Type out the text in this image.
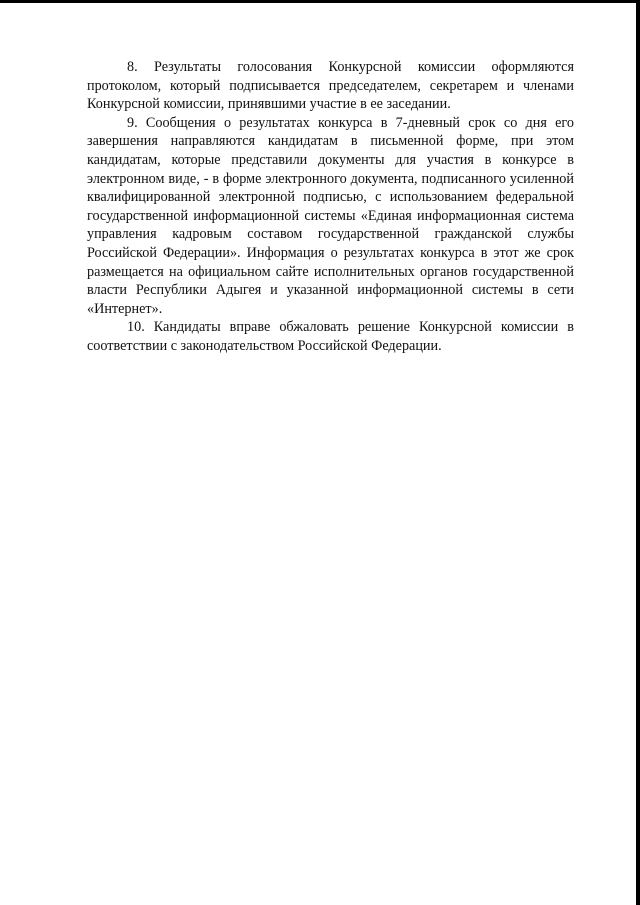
8. Результаты голосования Конкурсной комиссии оформляются протоколом, который подписывается председателем, секретарем и членами Конкурсной комиссии, принявшими участие в ее заседании.

9. Сообщения о результатах конкурса в 7-дневный срок со дня его завершения направляются кандидатам в письменной форме, при этом кандидатам, которые представили документы для участия в конкурсе в электронном виде, - в форме электронного документа, подписанного усиленной квалифицированной электронной подписью, с использованием федеральной государственной информационной системы «Единая информационная система управления кадровым составом государственной гражданской службы Российской Федерации». Информация о результатах конкурса в этот же срок размещается на официальном сайте исполнительных органов государственной власти Республики Адыгея и указанной информационной системы в сети «Интернет».

10. Кандидаты вправе обжаловать решение Конкурсной комиссии в соответствии с законодательством Российской Федерации.
